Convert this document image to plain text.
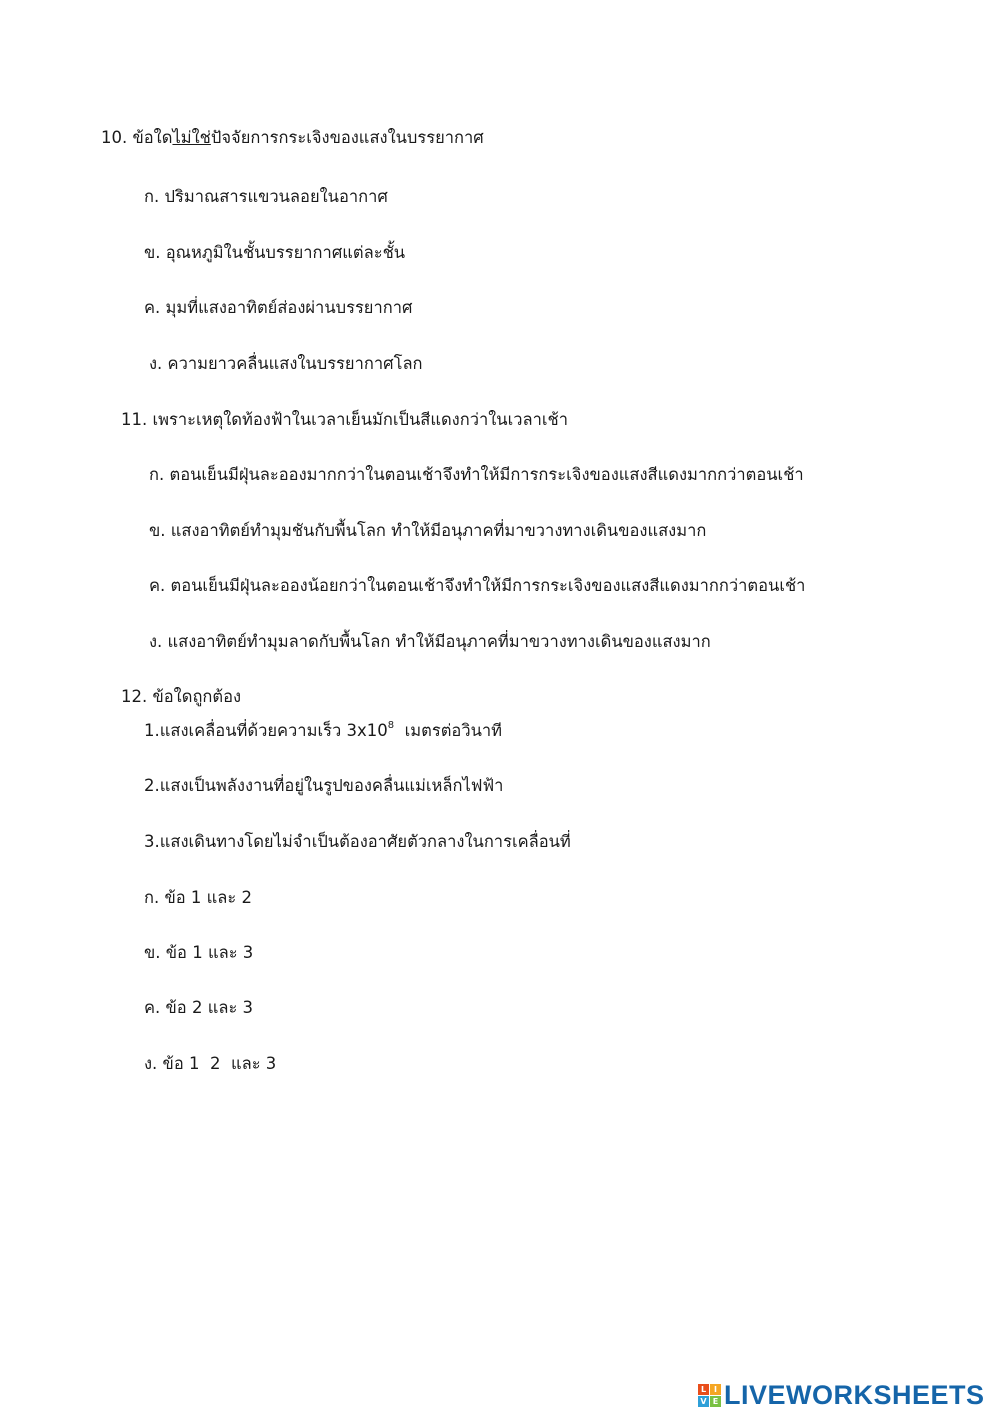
10. ข้อใดไม่ใช่ปัจจัยการกระเจิงของแสงในบรรยากาศ
ก. ปริมาณสารแขวนลอยในอากาศ
ข. อุณหภูมิในชั้นบรรยากาศแต่ละชั้น
ค. มุมที่แสงอาทิตย์ส่องผ่านบรรยากาศ
ง. ความยาวคลื่นแสงในบรรยากาศโลก
11. เพราะเหตุใดท้องฟ้าในเวลาเย็นมักเป็นสีแดงกว่าในเวลาเช้า
ก. ตอนเย็นมีฝุ่นละอองมากกว่าในตอนเช้าจึงทำให้มีการกระเจิงของแสงสีแดงมากกว่าตอนเช้า
ข. แสงอาทิตย์ทำมุมชันกับพื้นโลก ทำให้มีอนุภาคที่มาขวางทางเดินของแสงมาก
ค. ตอนเย็นมีฝุ่นละอองน้อยกว่าในตอนเช้าจึงทำให้มีการกระเจิงของแสงสีแดงมากกว่าตอนเช้า
ง. แสงอาทิตย์ทำมุมลาดกับพื้นโลก ทำให้มีอนุภาคที่มาขวางทางเดินของแสงมาก
12. ข้อใดถูกต้อง
1.แสงเคลื่อนที่ด้วยความเร็ว $3x10^8$  เมตรต่อวินาที
2.แสงเป็นพลังงานที่อยู่ในรูปของคลื่นแม่เหล็กไฟฟ้า
3.แสงเดินทางโดยไม่จำเป็นต้องอาศัยตัวกลางในการเคลื่อนที่
ก. ข้อ 1 และ 2
ข. ข้อ 1 และ 3
ค. ข้อ 2 และ 3
ง. ข้อ 1  2  และ 3
L I
V E LIVEWORKSHEETS
